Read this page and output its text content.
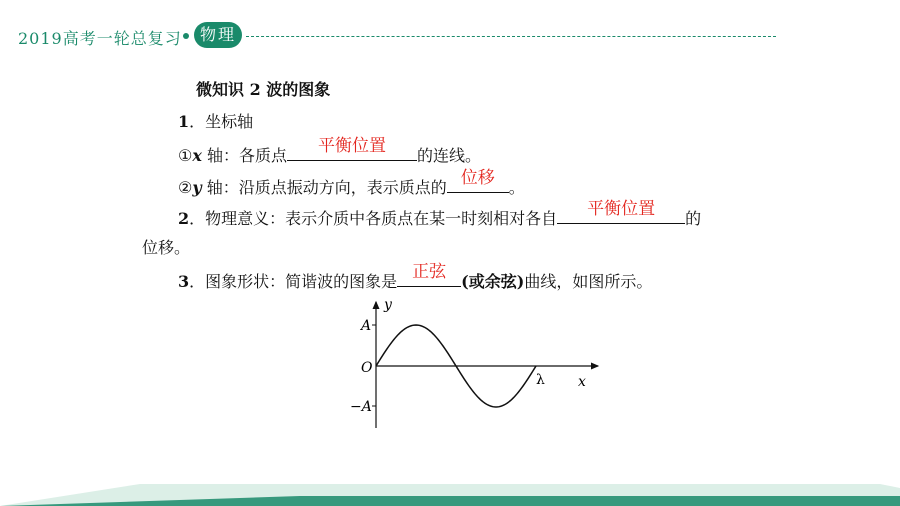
2019高考一轮总复习	物理
微知识 2 波的图象
1．坐标轴
①x 轴：各质点	平衡位置	的连线。
②y 轴：沿质点振动方向，表示质点的 位移 。
2．物理意义：表示介质中各质点在某一时刻相对各自	平衡位置	的
位移。
3．图象形状：简谐波的图象是 正弦 (或余弦)曲线，如图所示。
y
x
O
A
−A
λ
